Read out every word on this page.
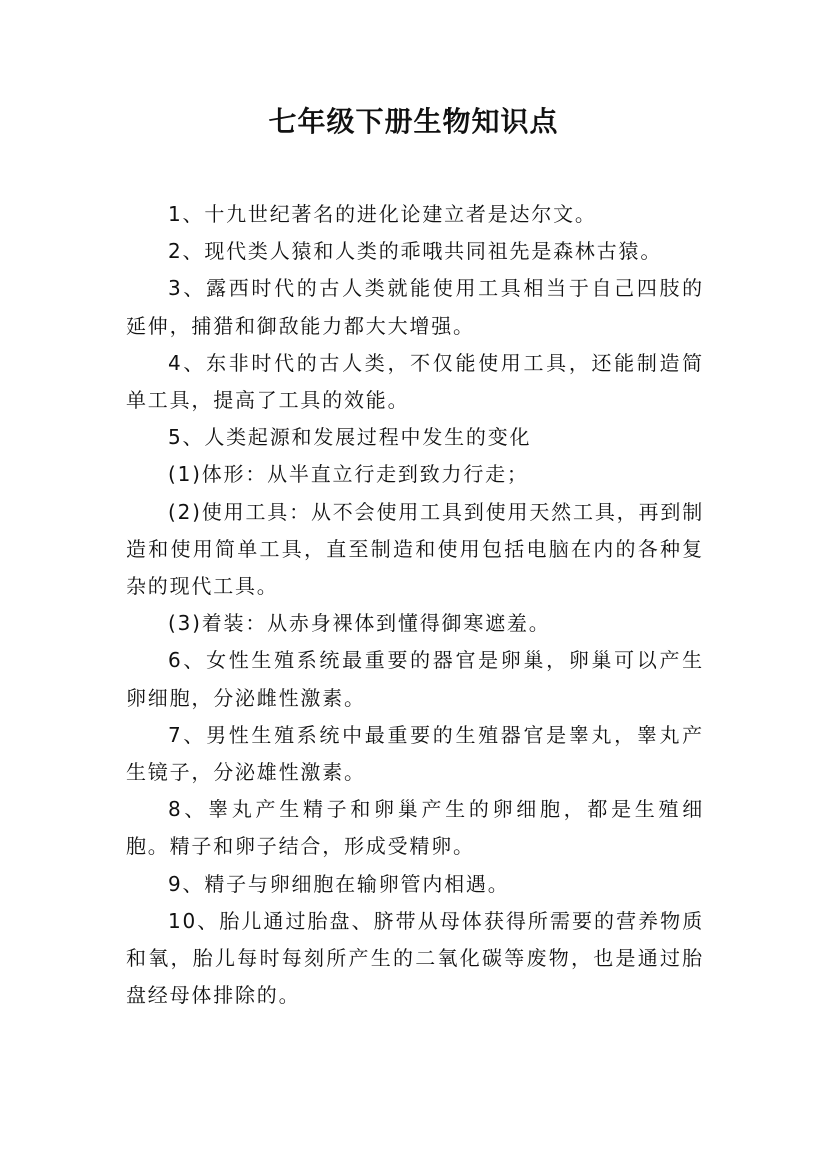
七年级下册生物知识点

1、十九世纪著名的进化论建立者是达尔文。

2、现代类人猿和人类的乖哦共同祖先是森林古猿。

3、露西时代的古人类就能使用工具相当于自己四肢的延伸，捕猎和御敌能力都大大增强。

4、东非时代的古人类，不仅能使用工具，还能制造简单工具，提高了工具的效能。

5、人类起源和发展过程中发生的变化

(1)体形：从半直立行走到致力行走；

(2)使用工具：从不会使用工具到使用天然工具，再到制造和使用简单工具，直至制造和使用包括电脑在内的各种复杂的现代工具。

(3)着装：从赤身裸体到懂得御寒遮羞。

6、女性生殖系统最重要的器官是卵巢，卵巢可以产生卵细胞，分泌雌性激素。

7、男性生殖系统中最重要的生殖器官是睾丸，睾丸产生镜子，分泌雄性激素。

8、睾丸产生精子和卵巢产生的卵细胞，都是生殖细胞。精子和卵子结合，形成受精卵。

9、精子与卵细胞在输卵管内相遇。

10、胎儿通过胎盘、脐带从母体获得所需要的营养物质和氧，胎儿每时每刻所产生的二氧化碳等废物，也是通过胎盘经母体排除的。
